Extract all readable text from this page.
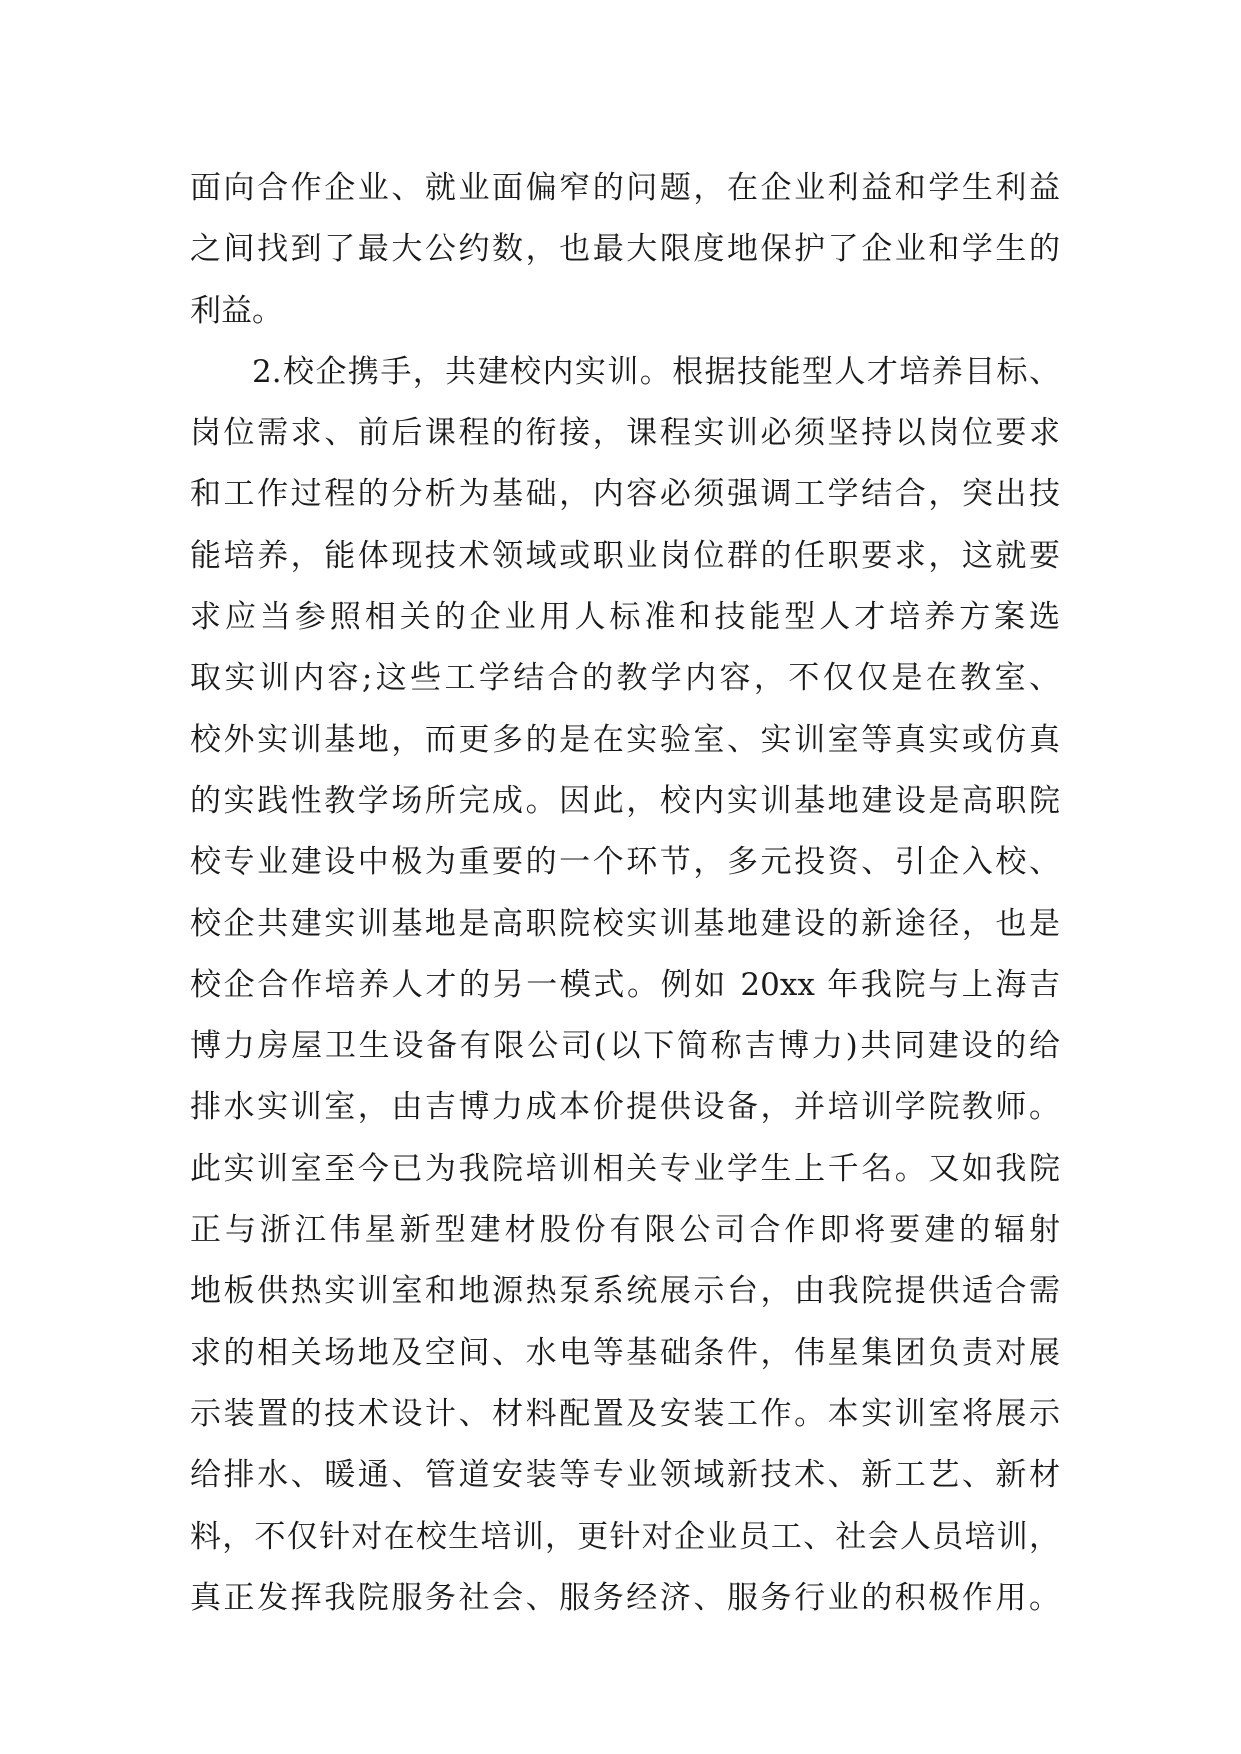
面向合作企业、就业面偏窄的问题，在企业利益和学生利益
之间找到了最大公约数，也最大限度地保护了企业和学生的
利益。
2.校企携手，共建校内实训。根据技能型人才培养目标、
岗位需求、前后课程的衔接，课程实训必须坚持以岗位要求
和工作过程的分析为基础，内容必须强调工学结合，突出技
能培养，能体现技术领域或职业岗位群的任职要求，这就要
求应当参照相关的企业用人标准和技能型人才培养方案选
取实训内容;这些工学结合的教学内容，不仅仅是在教室、
校外实训基地，而更多的是在实验室、实训室等真实或仿真
的实践性教学场所完成。因此，校内实训基地建设是高职院
校专业建设中极为重要的一个环节，多元投资、引企入校、
校企共建实训基地是高职院校实训基地建设的新途径，也是
校企合作培养人才的另一模式。例如 20xx 年我院与上海吉
博力房屋卫生设备有限公司(以下简称吉博力)共同建设的给
排水实训室，由吉博力成本价提供设备，并培训学院教师。
此实训室至今已为我院培训相关专业学生上千名。又如我院
正与浙江伟星新型建材股份有限公司合作即将要建的辐射
地板供热实训室和地源热泵系统展示台，由我院提供适合需
求的相关场地及空间、水电等基础条件，伟星集团负责对展
示装置的技术设计、材料配置及安装工作。本实训室将展示
给排水、暖通、管道安装等专业领域新技术、新工艺、新材
料，不仅针对在校生培训，更针对企业员工、社会人员培训，
真正发挥我院服务社会、服务经济、服务行业的积极作用。
